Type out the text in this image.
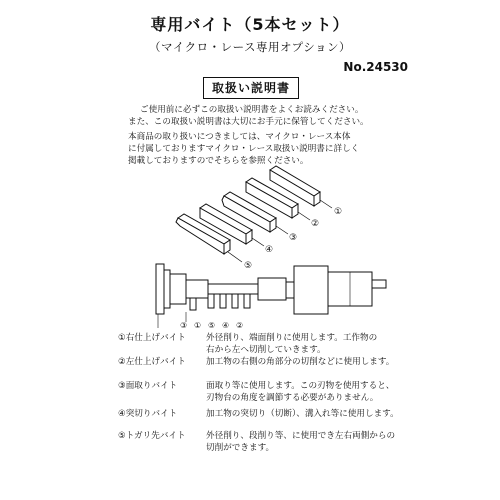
専用バイト（5本セット）
（マイクロ・レース専用オプション）
No.24530
取扱い説明書
ご使用前に必ずこの取扱い説明書をよくお読みください。
また、この取扱い説明書は大切にお手元に保管してください。
本商品の取り扱いにつきましては、マイクロ・レース本体
に付属しておりますマイクロ・レース取扱い説明書に詳しく
掲載しておりますのでそちらを参照ください。
①
②
③
④
⑤
③ ① ⑤ ④ ②
①右仕上げバイト 外径削り、端面削りに使用します。工作物の
右から左へ切削していきます。
②左仕上げバイト 加工物の右側の角部分の切削などに使用します。
③面取りバイト	面取り等に使用します。この刃物を使用すると、
刃物台の角度を調節する必要がありません。
④突切りバイト	加工物の突切り（切断）、溝入れ等に使用します。
⑤トガリ先バイト 外径削り、段削り等、に使用でき左右両側からの
切削ができます。
